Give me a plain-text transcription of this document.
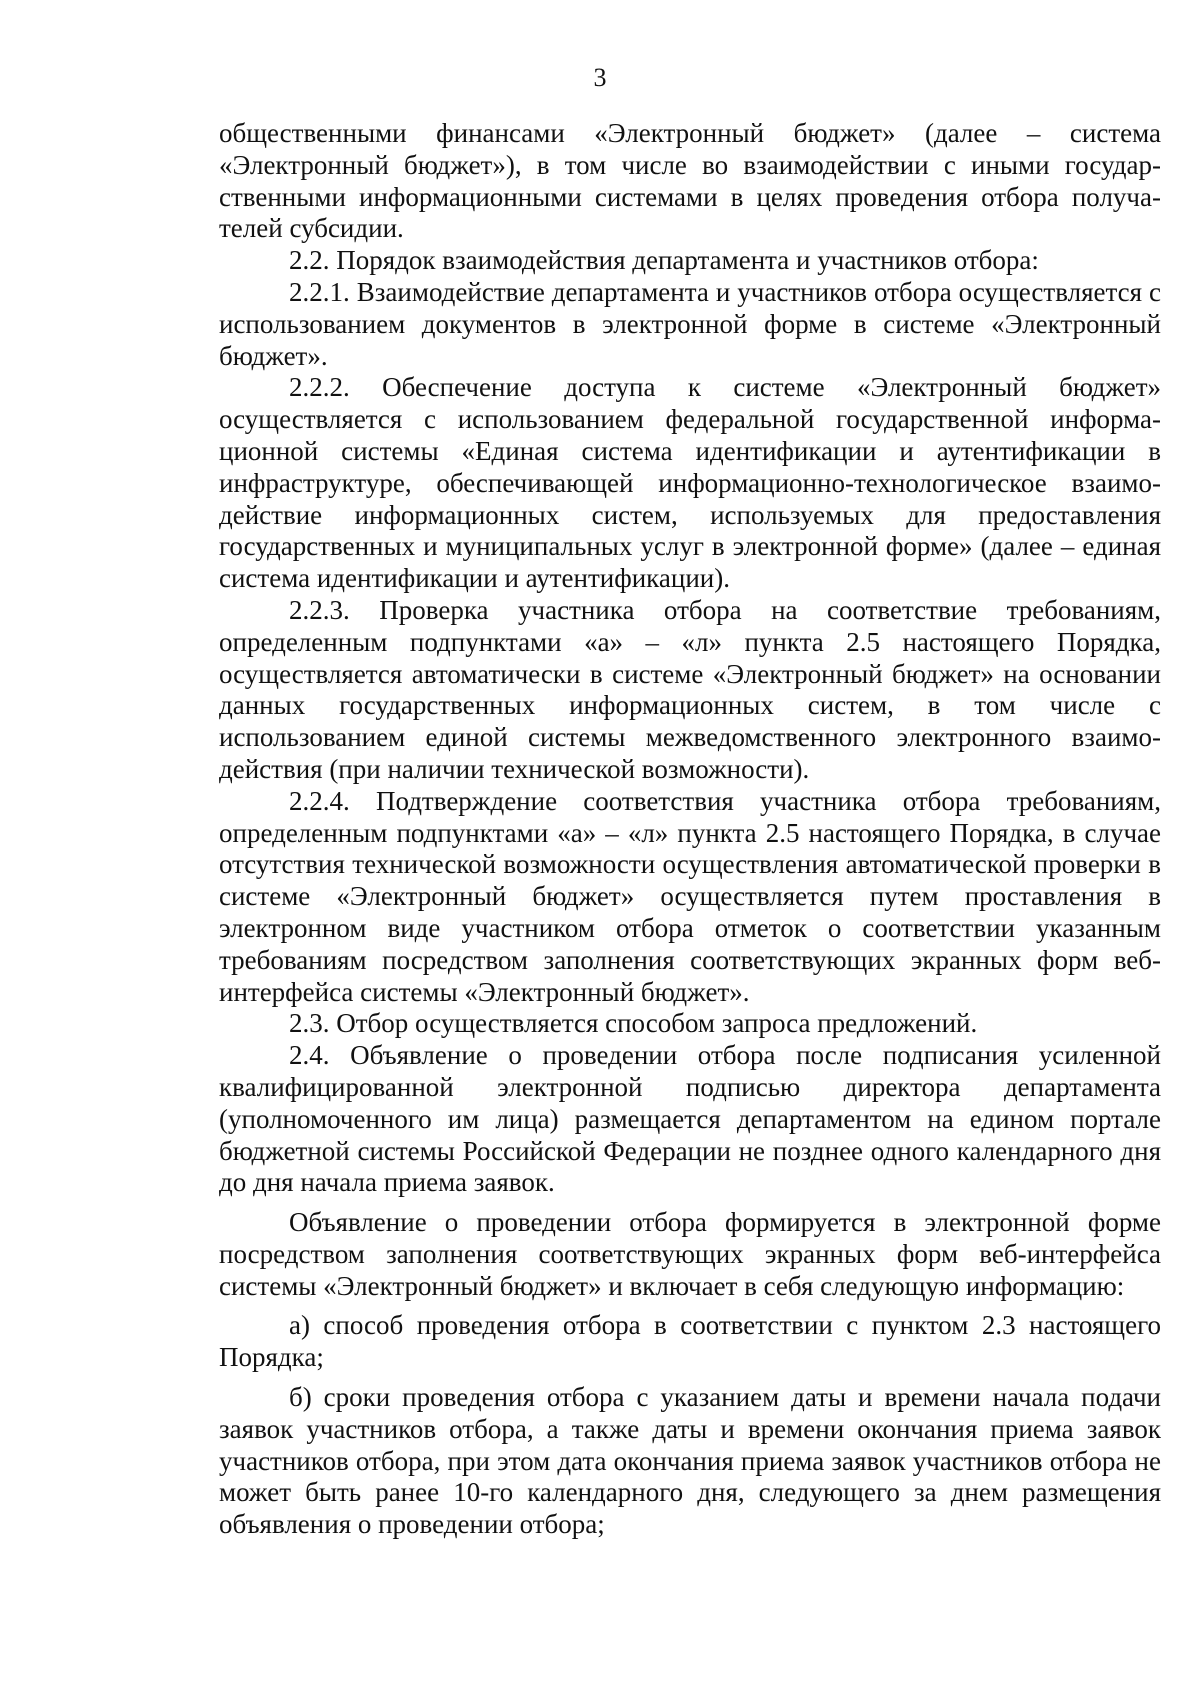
3

общественными финансами «Электронный бюджет» (далее – система «Электронный бюджет»), в том числе во взаимодействии с иными государственными информационными системами в целях проведения отбора получателей субсидии.

2.2. Порядок взаимодействия департамента и участников отбора:

2.2.1. Взаимодействие департамента и участников отбора осуществляется с использованием документов в электронной форме в системе «Электронный бюджет».

2.2.2. Обеспечение доступа к системе «Электронный бюджет» осуществляется с использованием федеральной государственной информационной системы «Единая система идентификации и аутентификации в инфраструктуре, обеспечивающей информационно-технологическое взаимодействие информационных систем, используемых для предоставления государственных и муниципальных услуг в электронной форме» (далее – единая система идентификации и аутентификации).

2.2.3. Проверка участника отбора на соответствие требованиям, определенным подпунктами «а» – «л» пункта 2.5 настоящего Порядка, осуществляется автоматически в системе «Электронный бюджет» на основании данных государственных информационных систем, в том числе с использованием единой системы межведомственного электронного взаимодействия (при наличии технической возможности).

2.2.4. Подтверждение соответствия участника отбора требованиям, определенным подпунктами «а» – «л» пункта 2.5 настоящего Порядка, в случае отсутствия технической возможности осуществления автоматической проверки в системе «Электронный бюджет» осуществляется путем проставления в электронном виде участником отбора отметок о соответствии указанным требованиям посредством заполнения соответствующих экранных форм веб-интерфейса системы «Электронный бюджет».

2.3. Отбор осуществляется способом запроса предложений.

2.4. Объявление о проведении отбора после подписания усиленной квалифицированной электронной подписью директора департамента (уполномоченного им лица) размещается департаментом на едином портале бюджетной системы Российской Федерации не позднее одного календарного дня до дня начала приема заявок.

Объявление о проведении отбора формируется в электронной форме посредством заполнения соответствующих экранных форм веб-интерфейса системы «Электронный бюджет» и включает в себя следующую информацию:

а) способ проведения отбора в соответствии с пунктом 2.3 настоящего Порядка;

б) сроки проведения отбора с указанием даты и времени начала подачи заявок участников отбора, а также даты и времени окончания приема заявок участников отбора, при этом дата окончания приема заявок участников отбора не может быть ранее 10-го календарного дня, следующего за днем размещения объявления о проведении отбора;
